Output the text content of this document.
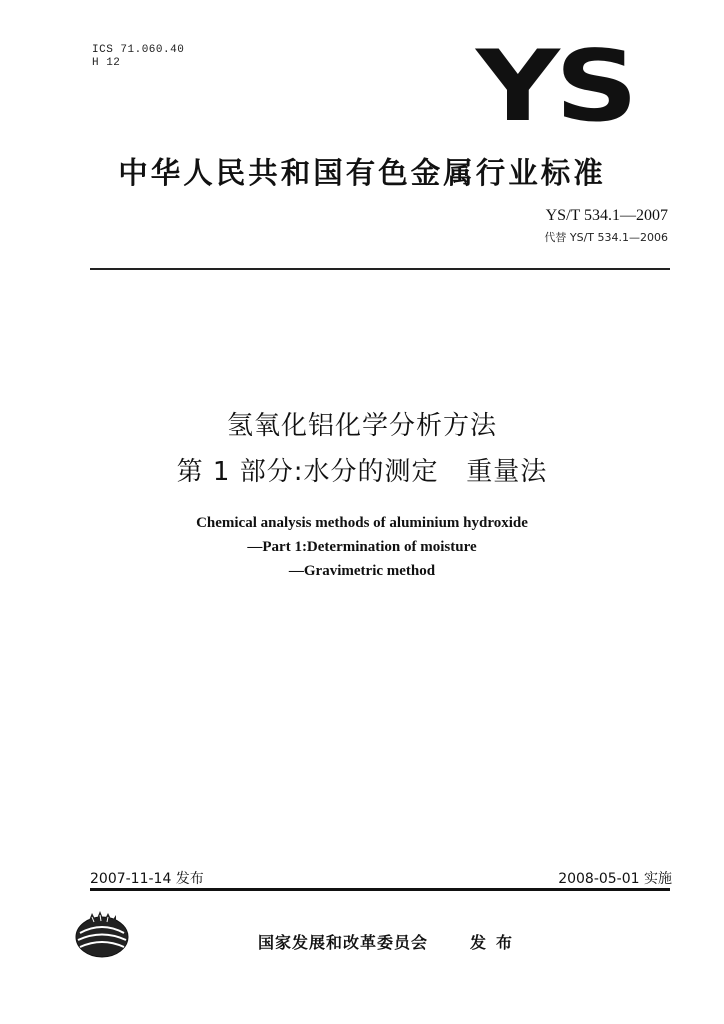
ICS 71.060.40
H 12	YS
中华人民共和国有色金属行业标准
YS/T 534.1—2007
代替 YS/T 534.1—2006
氢氧化铝化学分析方法
第 1 部分:水分的测定   重量法
Chemical analysis methods of aluminium hydroxide
—Part 1:Determination of moisture
—Gravimetric method
2007-11-14 发布	2008-05-01 实施
国家发展和改革委员会	发布
